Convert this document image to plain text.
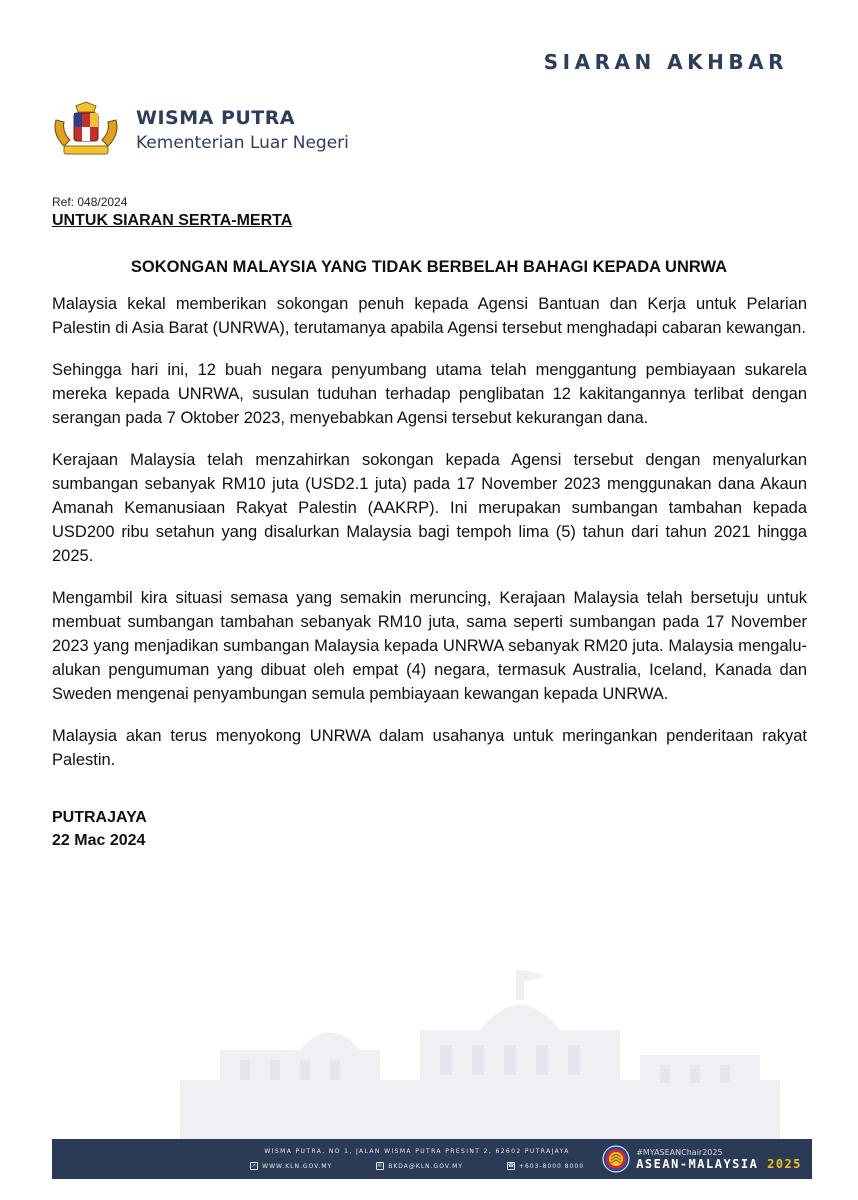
SIARAN AKHBAR
WISMA PUTRA
Kementerian Luar Negeri
Ref: 048/2024
UNTUK SIARAN SERTA-MERTA
SOKONGAN MALAYSIA YANG TIDAK BERBELAH BAHAGI KEPADA UNRWA

Malaysia kekal memberikan sokongan penuh kepada Agensi Bantuan dan Kerja untuk Pelarian Palestin di Asia Barat (UNRWA), terutamanya apabila Agensi tersebut menghadapi cabaran kewangan.

Sehingga hari ini, 12 buah negara penyumbang utama telah menggantung pembiayaan sukarela mereka kepada UNRWA, susulan tuduhan terhadap penglibatan 12 kakitangannya terlibat dengan serangan pada 7 Oktober 2023, menyebabkan Agensi tersebut kekurangan dana.

Kerajaan Malaysia telah menzahirkan sokongan kepada Agensi tersebut dengan menyalurkan sumbangan sebanyak RM10 juta (USD2.1 juta) pada 17 November 2023 menggunakan dana Akaun Amanah Kemanusiaan Rakyat Palestin (AAKRP). Ini merupakan sumbangan tambahan kepada USD200 ribu setahun yang disalurkan Malaysia bagi tempoh lima (5) tahun dari tahun 2021 hingga 2025.

Mengambil kira situasi semasa yang semakin meruncing, Kerajaan Malaysia telah bersetuju untuk membuat sumbangan tambahan sebanyak RM10 juta, sama seperti sumbangan pada 17 November 2023 yang menjadikan sumbangan Malaysia kepada UNRWA sebanyak RM20 juta. Malaysia mengalu-alukan pengumuman yang dibuat oleh empat (4) negara, termasuk Australia, Iceland, Kanada dan Sweden mengenai penyambungan semula pembiayaan kewangan kepada UNRWA.

Malaysia akan terus menyokong UNRWA dalam usahanya untuk meringankan penderitaan rakyat Palestin.

PUTRAJAYA
22 Mac 2024
WISMA PUTRA, NO 1, JALAN WISMA PUTRA PRESINT 2, 62602 PUTRAJAYA
↗ WWW.KLN.GOV.MY	✉ BKDA@KLN.GOV.MY	☎ +603-8000 8000
#MYASEANChair2025
ASEAN-MALAYSIA 2025
